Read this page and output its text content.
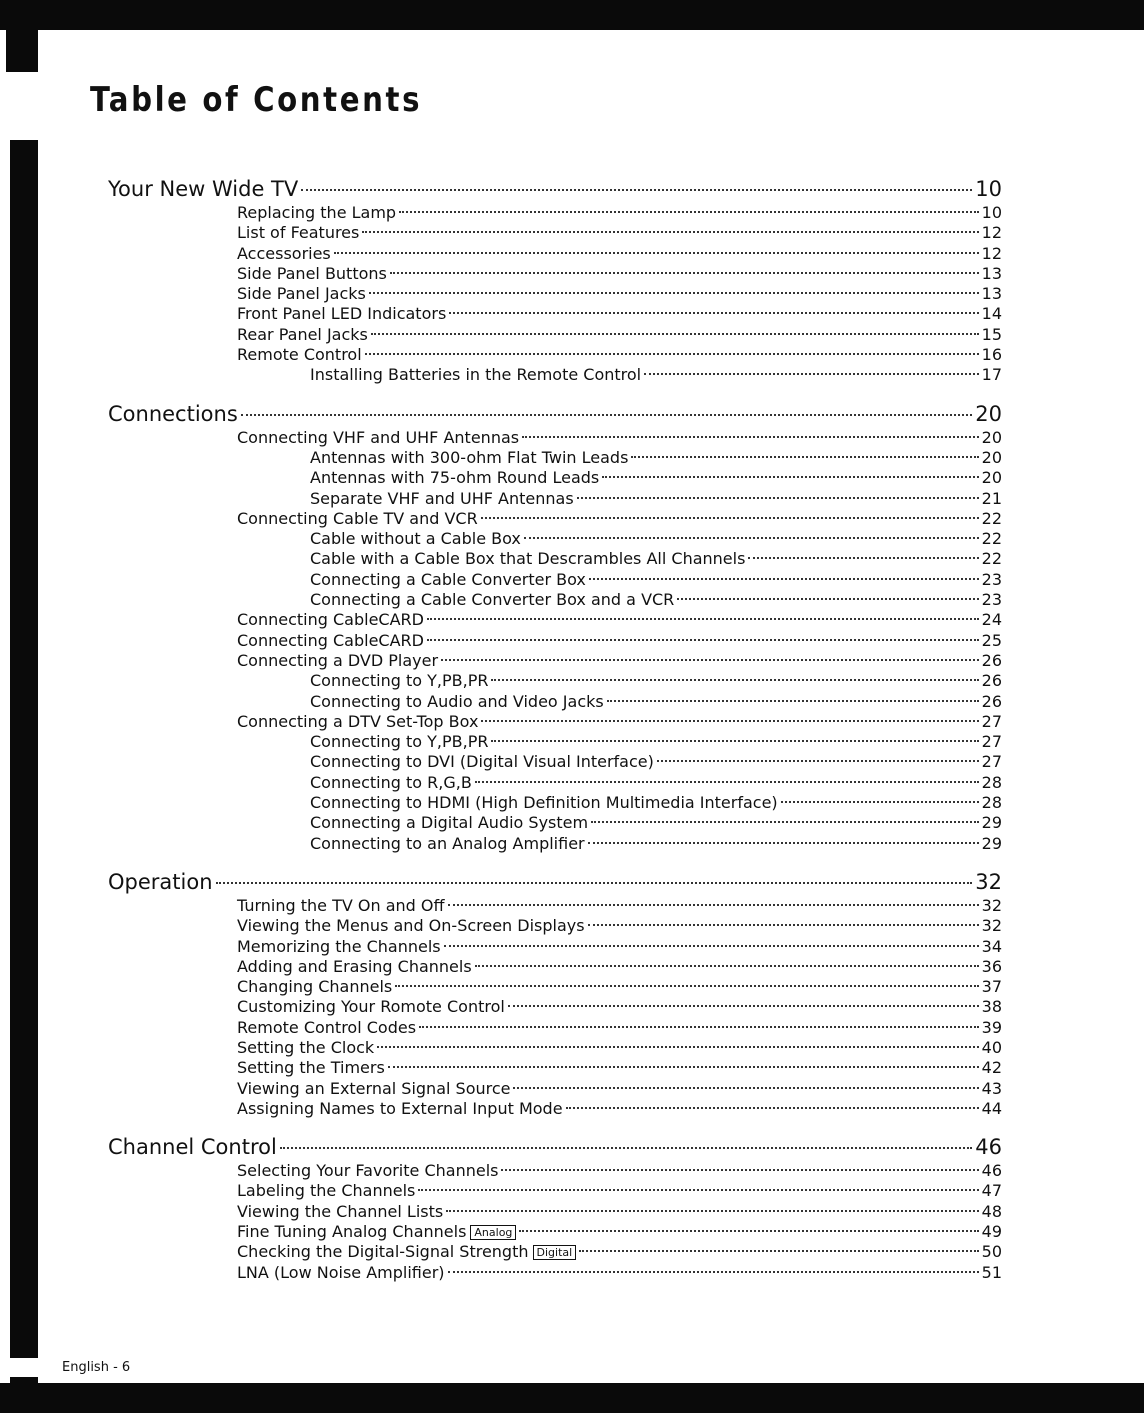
Table of Contents
Your New Wide TV	10
Replacing the Lamp	10
List of Features	12
Accessories	12
Side Panel Buttons	13
Side Panel Jacks	13
Front Panel LED Indicators	14
Rear Panel Jacks	15
Remote Control	16
Installing Batteries in the Remote Control	17
Connections	20
Connecting VHF and UHF Antennas	20
Antennas with 300-ohm Flat Twin Leads	20
Antennas with 75-ohm Round Leads	20
Separate VHF and UHF Antennas	21
Connecting Cable TV and VCR	22
Cable without a Cable Box	22
Cable with a Cable Box that Descrambles All Channels	22
Connecting a Cable Converter Box	23
Connecting a Cable Converter Box and a VCR	23
Connecting CableCARD	24
Connecting CableCARD	25
Connecting a DVD Player	26
Connecting to Y,PB,PR	26
Connecting to Audio and Video Jacks	26
Connecting a DTV Set-Top Box	27
Connecting to Y,PB,PR	27
Connecting to DVI (Digital Visual Interface)	27
Connecting to R,G,B	28
Connecting to HDMI (High Definition Multimedia Interface)	28
Connecting a Digital Audio System	29
Connecting to an Analog Amplifier	29
Operation	32
Turning the TV On and Off	32
Viewing the Menus and On-Screen Displays	32
Memorizing the Channels	34
Adding and Erasing Channels	36
Changing Channels	37
Customizing Your Romote Control	38
Remote Control Codes	39
Setting the Clock	40
Setting the Timers	42
Viewing an External Signal Source	43
Assigning Names to External Input Mode	44
Channel Control	46
Selecting Your Favorite Channels	46
Labeling the Channels	47
Viewing the Channel Lists	48
Fine Tuning Analog Channels Analog	49
Checking the Digital-Signal Strength Digital	50
LNA (Low Noise Amplifier)	51
English - 6
